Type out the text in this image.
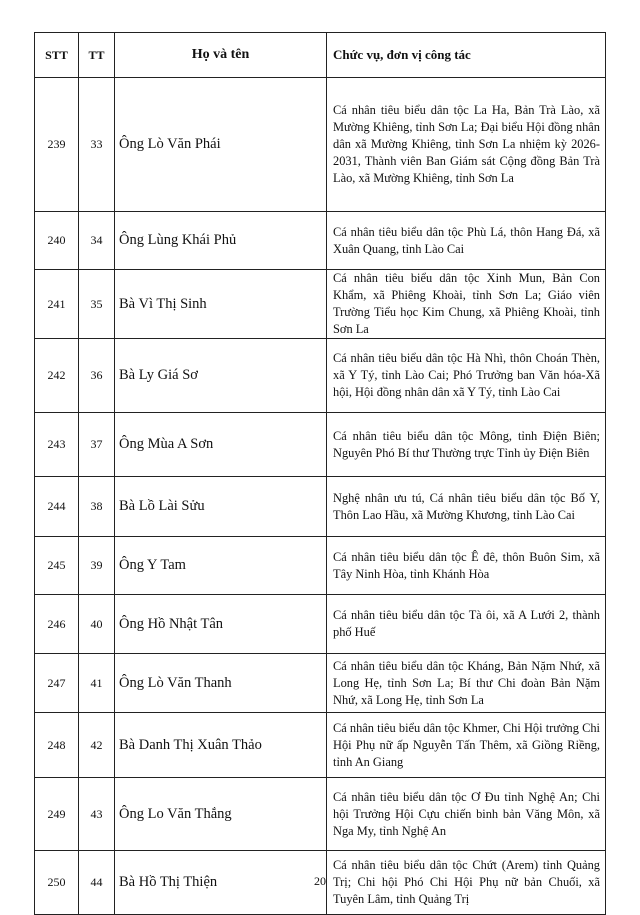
STT	TT	Họ và tên	Chức vụ, đơn vị công tác
239	33	Ông Lò Văn Phái	Cá nhân tiêu biểu dân tộc La Ha, Bản Trà Lào, xã Mường Khiêng, tỉnh Sơn La; Đại biểu Hội đồng nhân dân xã Mường Khiêng, tỉnh Sơn La nhiệm kỳ 2026-2031, Thành viên Ban Giám sát Cộng đồng Bản Trà Lào, xã Mường Khiêng, tỉnh Sơn La
240	34	Ông Lùng Khái Phủ	Cá nhân tiêu biểu dân tộc Phù Lá, thôn Hang Đá, xã Xuân Quang, tỉnh Lào Cai
241	35	Bà Vì Thị Sinh	Cá nhân tiêu biểu dân tộc Xinh Mun, Bản Con Khẩm, xã Phiêng Khoài, tỉnh Sơn La; Giáo viên Trường Tiểu học Kim Chung, xã Phiêng Khoài, tỉnh Sơn La
242	36	Bà Ly Giá Sơ	Cá nhân tiêu biểu dân tộc Hà Nhì, thôn Choán Thèn, xã Y Tý, tỉnh Lào Cai; Phó Trưởng ban Văn hóa-Xã hội, Hội đồng nhân dân xã Y Tý, tỉnh Lào Cai
243	37	Ông Mùa A Sơn	Cá nhân tiêu biểu dân tộc Mông, tỉnh Điện Biên; Nguyên Phó Bí thư Thường trực Tỉnh ủy Điện Biên
244	38	Bà Lồ Lài Sửu	Nghệ nhân ưu tú, Cá nhân tiêu biểu dân tộc Bố Y, Thôn Lao Hầu, xã Mường Khương, tỉnh Lào Cai
245	39	Ông Y Tam	Cá nhân tiêu biểu dân tộc Ê đê, thôn Buôn Sim, xã Tây Ninh Hòa, tỉnh Khánh Hòa
246	40	Ông Hồ Nhật Tân	Cá nhân tiêu biểu dân tộc Tà ôi, xã A Lưới 2, thành phố Huế
247	41	Ông Lò Văn Thanh	Cá nhân tiêu biểu dân tộc Kháng, Bản Nặm Nhứ, xã Long Hẹ, tỉnh Sơn La; Bí thư Chi đoàn Bản Nặm Nhứ, xã Long Hẹ, tỉnh Sơn La
248	42	Bà Danh Thị Xuân Thảo	Cá nhân tiêu biểu dân tộc Khmer, Chi Hội trưởng Chi Hội Phụ nữ ấp Nguyễn Tấn Thêm, xã Giồng Riềng, tỉnh An Giang
249	43	Ông Lo Văn Thắng	Cá nhân tiêu biểu dân tộc Ơ Đu tỉnh Nghệ An; Chi hội Trưởng Hội Cựu chiến binh bản Văng Môn, xã Nga My, tỉnh Nghệ An
250	44	Bà Hồ Thị Thiện	Cá nhân tiêu biểu dân tộc Chứt (Arem) tỉnh Quảng Trị; Chi hội Phó Chi Hội Phụ nữ bản Chuối, xã Tuyên Lâm, tỉnh Quảng Trị
20
